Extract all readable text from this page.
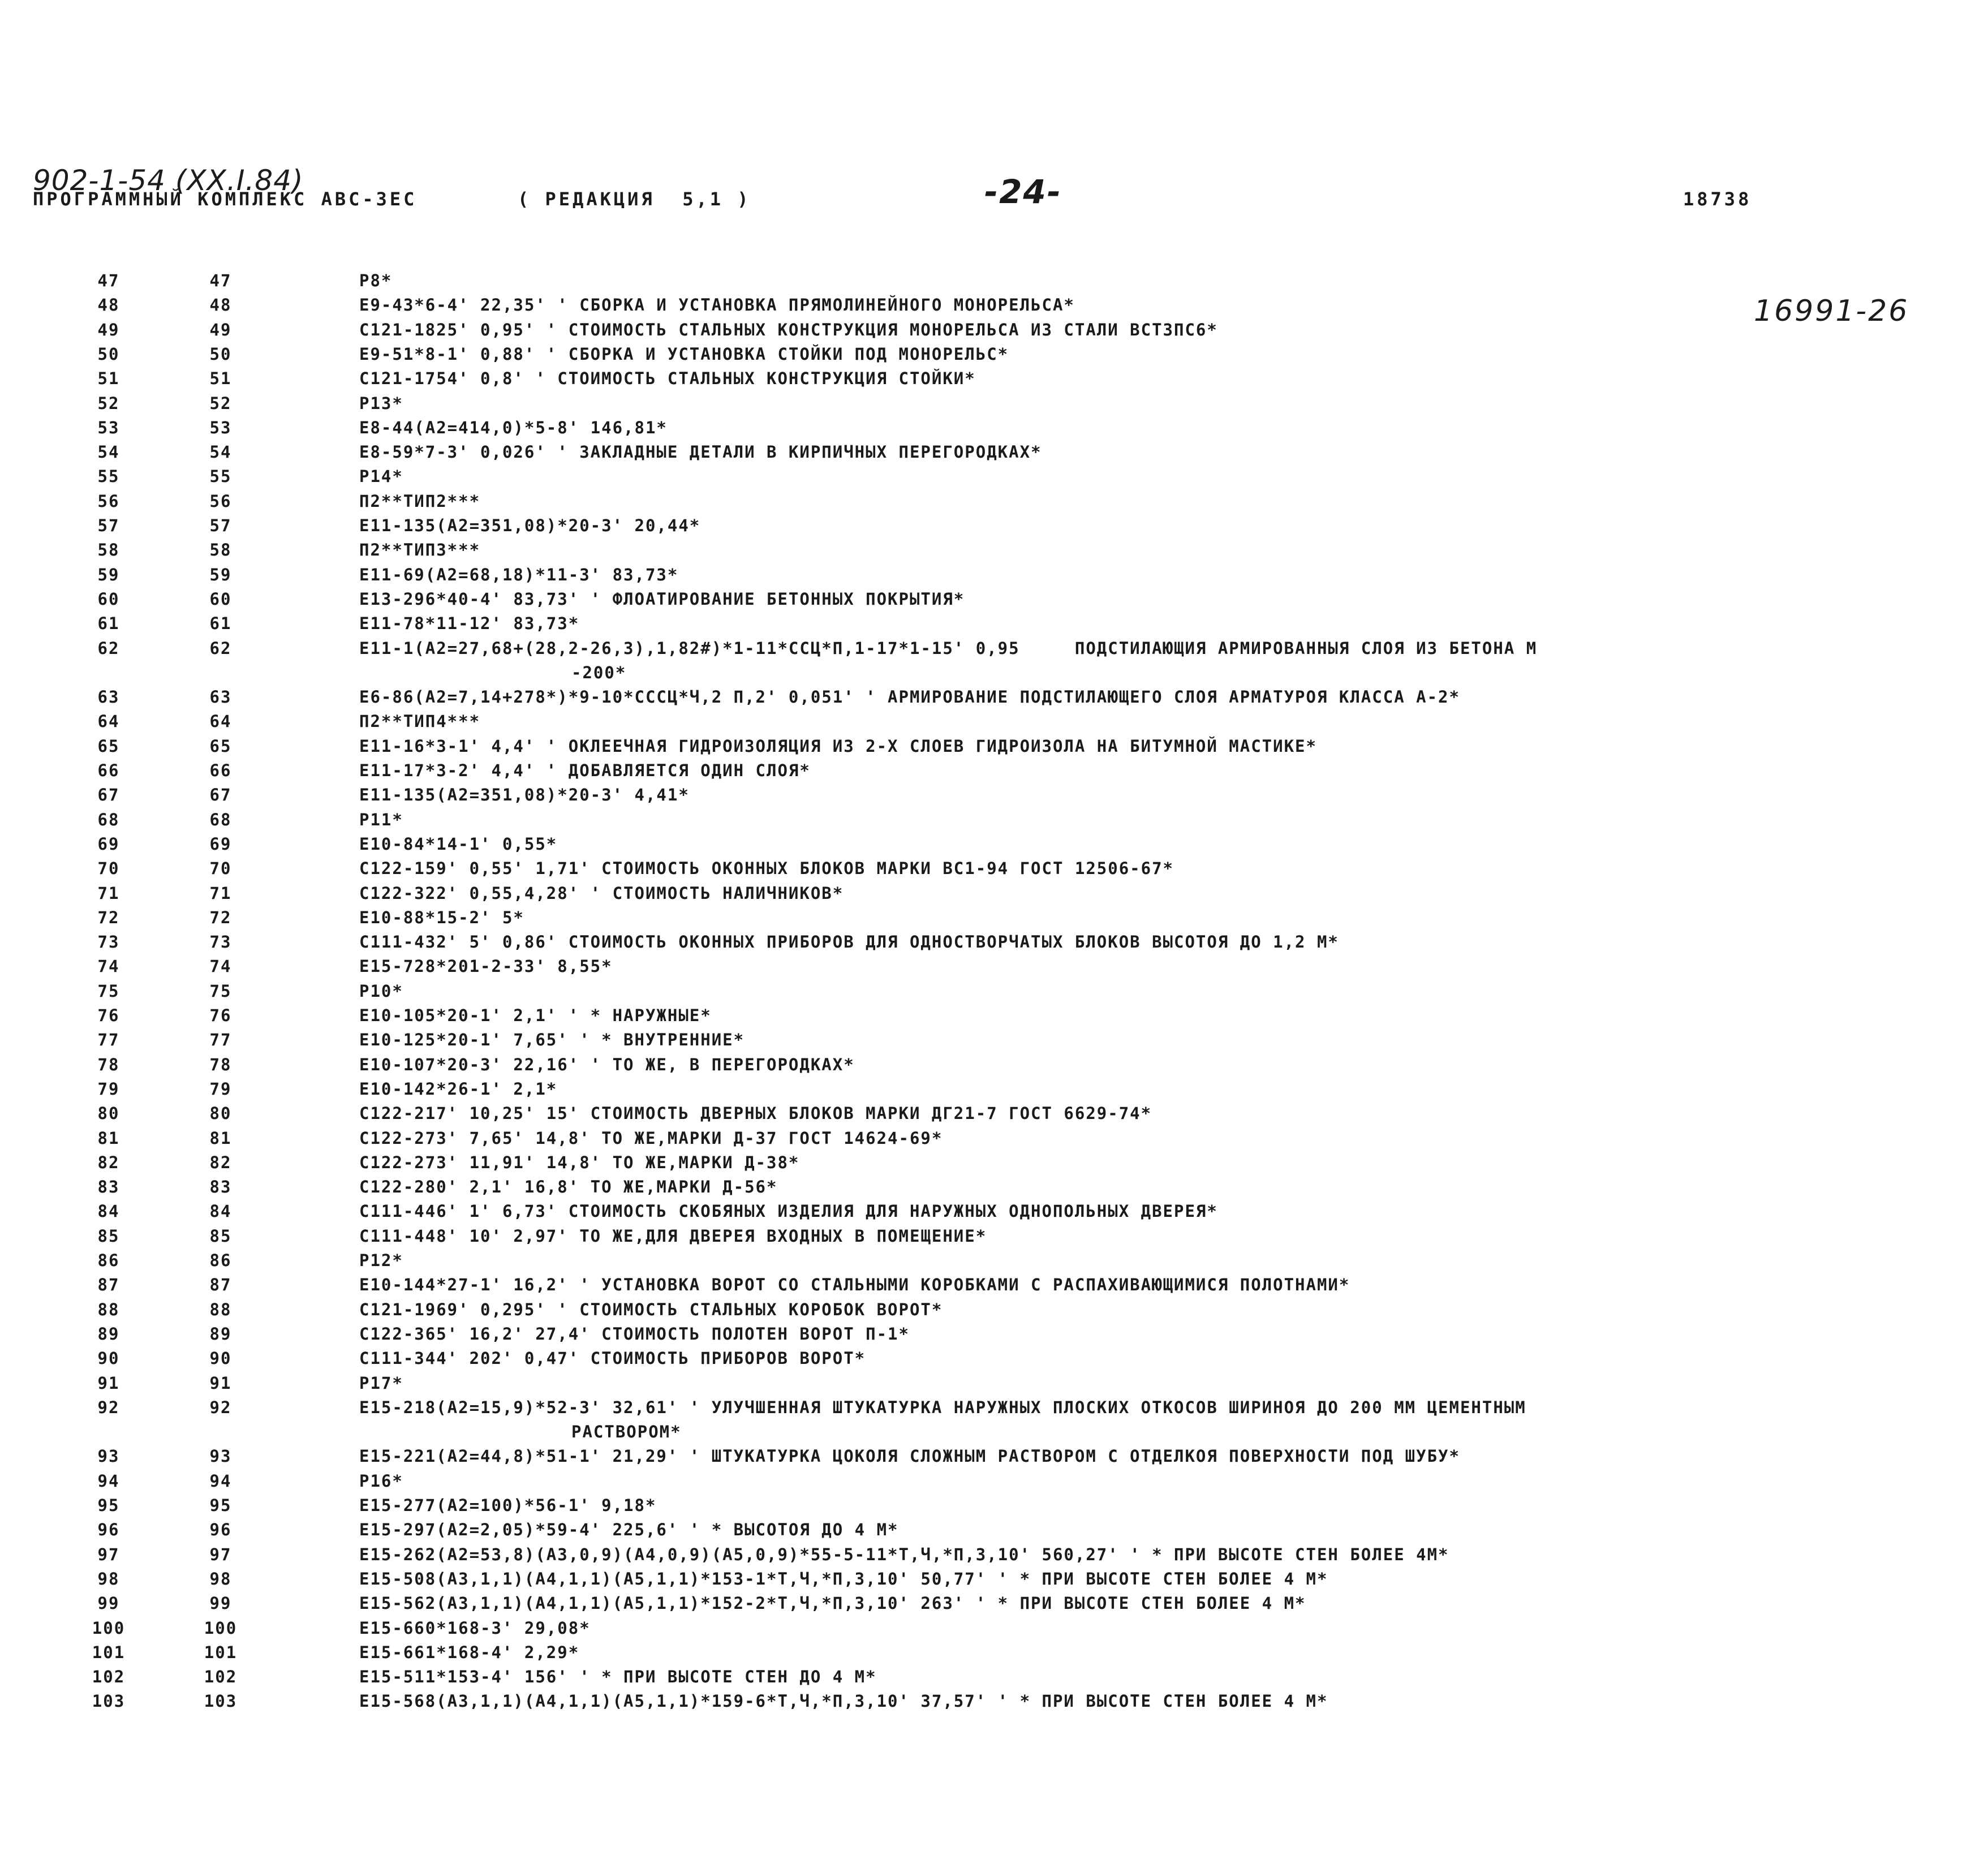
902-1-54 (XX.I.84)
ПРОГРАММНЫЙ КОМПЛЕКС АВС-ЗЕС	( РЕДАКЦИЯ  5,1 )	-24-	18738
16991-26
47	47	P8*
48	48	E9-43*6-4' 22,35' ' СБОРКА И УСТАНОВКА ПРЯМОЛИНЕЙНОГО МОНОРЕЛЬСА*
49	49	C121-1825' 0,95' ' СТОИМОСТЬ СТАЛЬНЫХ КОНСТРУКЦИЯ МОНОРЕЛЬСА ИЗ СТАЛИ ВСТЗПС6*
50	50	E9-51*8-1' 0,88' ' СБОРКА И УСТАНОВКА СТОЙКИ ПОД МОНОРЕЛЬС*
51	51	C121-1754' 0,8' ' СТОИМОСТЬ СТАЛЬНЫХ КОНСТРУКЦИЯ СТОЙКИ*
52	52	P13*
53	53	E8-44(A2=414,0)*5-8' 146,81*
54	54	E8-59*7-3' 0,026' ' ЗАКЛАДНЫЕ ДЕТАЛИ В КИРПИЧНЫХ ПЕРЕГОРОДКАХ*
55	55	P14*
56	56	П2**ТИП2***
57	57	E11-135(A2=351,08)*20-3' 20,44*
58	58	П2**ТИП3***
59	59	E11-69(A2=68,18)*11-3' 83,73*
60	60	E13-296*40-4' 83,73' ' ФЛОАТИРОВАНИЕ БЕТОННЫХ ПОКРЫТИЯ*
61	61	E11-78*11-12' 83,73*
62	62	E11-1(A2=27,68+(28,2-26,3),1,82#)*1-11*ССЦ*П,1-17*1-15' 0,95     ПОДСТИЛАЮЩИЯ АРМИРОВАННЫЯ СЛОЯ ИЗ БЕТОНА М
-200*
63	63	E6-86(A2=7,14+278*)*9-10*СССЦ*Ч,2 П,2' 0,051' ' АРМИРОВАНИЕ ПОДСТИЛАЮЩЕГО СЛОЯ АРМАТУРОЯ КЛАССА А-2*
64	64	П2**ТИП4***
65	65	E11-16*3-1' 4,4' ' ОКЛЕЕЧНАЯ ГИДРОИЗОЛЯЦИЯ ИЗ 2-Х СЛОЕВ ГИДРОИЗОЛА НА БИТУМНОЙ МАСТИКЕ*
66	66	E11-17*3-2' 4,4' ' ДОБАВЛЯЕТСЯ ОДИН СЛОЯ*
67	67	E11-135(A2=351,08)*20-3' 4,41*
68	68	P11*
69	69	E10-84*14-1' 0,55*
70	70	C122-159' 0,55' 1,71' СТОИМОСТЬ ОКОННЫХ БЛОКОВ МАРКИ ВС1-94 ГОСТ 12506-67*
71	71	C122-322' 0,55,4,28' ' СТОИМОСТЬ НАЛИЧНИКОВ*
72	72	E10-88*15-2' 5*
73	73	C111-432' 5' 0,86' СТОИМОСТЬ ОКОННЫХ ПРИБОРОВ ДЛЯ ОДНОСТВОРЧАТЫХ БЛОКОВ ВЫСОТОЯ ДО 1,2 М*
74	74	E15-728*201-2-33' 8,55*
75	75	P10*
76	76	E10-105*20-1' 2,1' ' * НАРУЖНЫЕ*
77	77	E10-125*20-1' 7,65' ' * ВНУТРЕННИЕ*
78	78	E10-107*20-3' 22,16' ' ТО ЖЕ, В ПЕРЕГОРОДКАХ*
79	79	E10-142*26-1' 2,1*
80	80	C122-217' 10,25' 15' СТОИМОСТЬ ДВЕРНЫХ БЛОКОВ МАРКИ ДГ21-7 ГОСТ 6629-74*
81	81	C122-273' 7,65' 14,8' ТО ЖЕ,МАРКИ Д-37 ГОСТ 14624-69*
82	82	C122-273' 11,91' 14,8' ТО ЖЕ,МАРКИ Д-38*
83	83	C122-280' 2,1' 16,8' ТО ЖЕ,МАРКИ Д-56*
84	84	C111-446' 1' 6,73' СТОИМОСТЬ СКОБЯНЫХ ИЗДЕЛИЯ ДЛЯ НАРУЖНЫХ ОДНОПОЛЬНЫХ ДВЕРЕЯ*
85	85	C111-448' 10' 2,97' ТО ЖЕ,ДЛЯ ДВЕРЕЯ ВХОДНЫХ В ПОМЕЩЕНИЕ*
86	86	P12*
87	87	E10-144*27-1' 16,2' ' УСТАНОВКА ВОРОТ СО СТАЛЬНЫМИ КОРОБКАМИ С РАСПАХИВАЮЩИМИСЯ ПОЛОТНАМИ*
88	88	C121-1969' 0,295' ' СТОИМОСТЬ СТАЛЬНЫХ КОРОБОК ВОРОТ*
89	89	C122-365' 16,2' 27,4' СТОИМОСТЬ ПОЛОТЕН ВОРОТ П-1*
90	90	C111-344' 202' 0,47' СТОИМОСТЬ ПРИБОРОВ ВОРОТ*
91	91	P17*
92	92	E15-218(A2=15,9)*52-3' 32,61' ' УЛУЧШЕННАЯ ШТУКАТУРКА НАРУЖНЫХ ПЛОСКИХ ОТКОСОВ ШИРИНОЯ ДО 200 ММ ЦЕМЕНТНЫМ
РАСТВОРОМ*
93	93	E15-221(A2=44,8)*51-1' 21,29' ' ШТУКАТУРКА ЦОКОЛЯ СЛОЖНЫМ РАСТВОРОМ С ОТДЕЛКОЯ ПОВЕРХНОСТИ ПОД ШУБУ*
94	94	P16*
95	95	E15-277(A2=100)*56-1' 9,18*
96	96	E15-297(A2=2,05)*59-4' 225,6' ' * ВЫСОТОЯ ДО 4 М*
97	97	E15-262(A2=53,8)(A3,0,9)(A4,0,9)(A5,0,9)*55-5-11*Т,Ч,*П,3,10' 560,27' ' * ПРИ ВЫСОТЕ СТЕН БОЛЕЕ 4М*
98	98	E15-508(A3,1,1)(A4,1,1)(A5,1,1)*153-1*Т,Ч,*П,3,10' 50,77' ' * ПРИ ВЫСОТЕ СТЕН БОЛЕЕ 4 М*
99	99	E15-562(A3,1,1)(A4,1,1)(A5,1,1)*152-2*Т,Ч,*П,3,10' 263' ' * ПРИ ВЫСОТЕ СТЕН БОЛЕЕ 4 М*
100	100	E15-660*168-3' 29,08*
101	101	E15-661*168-4' 2,29*
102	102	E15-511*153-4' 156' ' * ПРИ ВЫСОТЕ СТЕН ДО 4 М*
103	103	E15-568(A3,1,1)(A4,1,1)(A5,1,1)*159-6*Т,Ч,*П,3,10' 37,57' ' * ПРИ ВЫСОТЕ СТЕН БОЛЕЕ 4 М*
